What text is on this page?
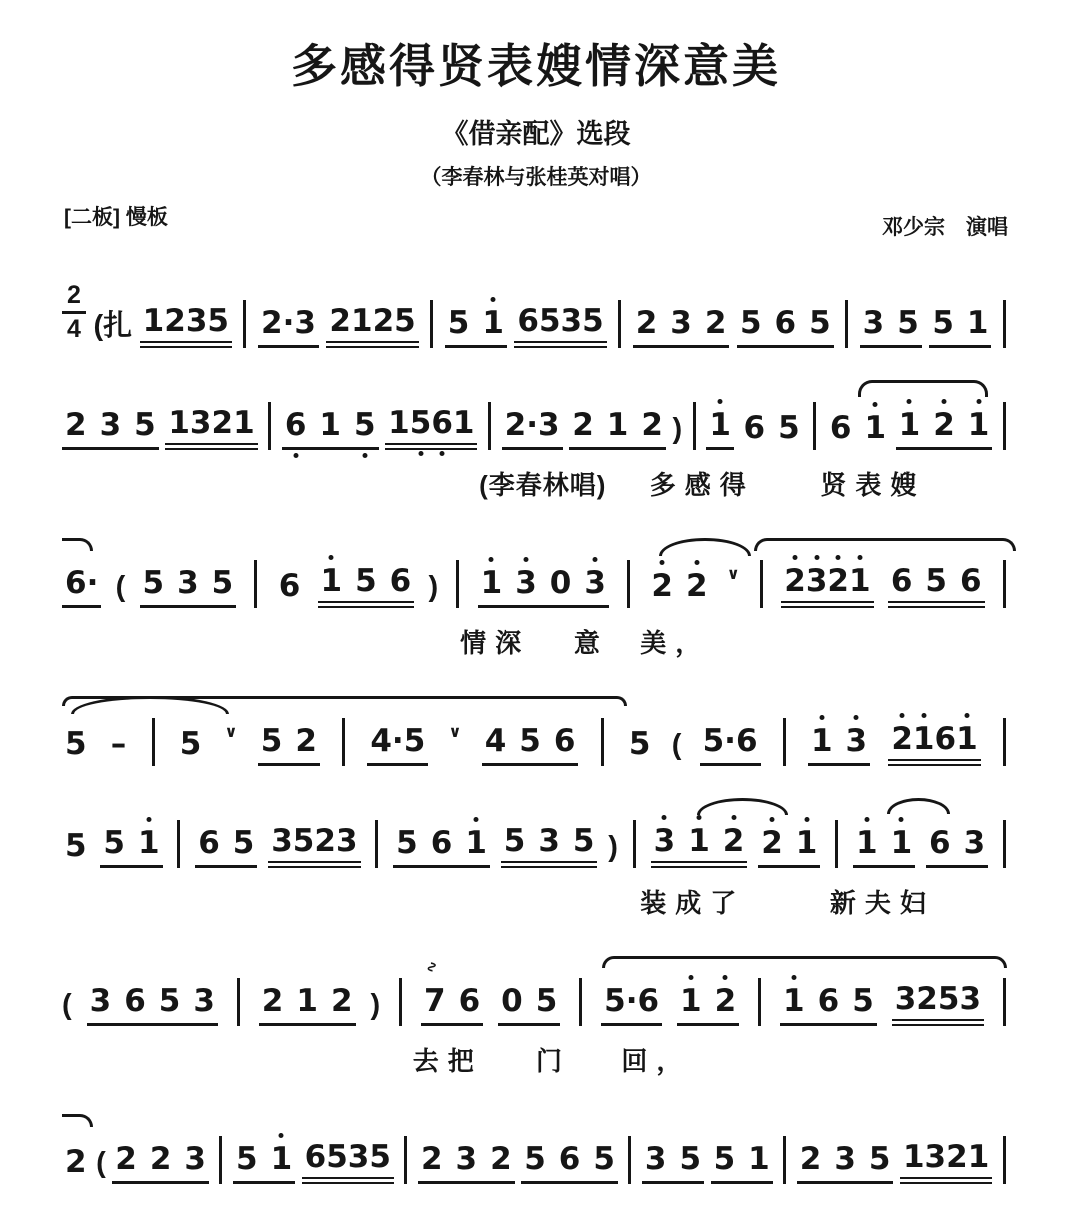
多感得贤表嫂情深意美
《借亲配》选段
（李春林与张桂英对唱）
[二板] 慢板	邓少宗　演唱
2
4 (扎 1235 2·3 2125 5 1 6535 2 3 2 5 6 5 3 5 5 1
2 3 5 1321 6 1 5 15
6
1 2·3 2 1 2 ) 1 6 5 6 1 1 2 1
(李春林唱) 多感得	贤表嫂
6· ( 5 3 5 6 1 5 6 ) 1 3 0 3 2 2 ∨ 2
3
2
1 6 5 6
情深 意 美，
5 – 5 ∨ 5 2 4·5 ∨ 4 5 6 5 ( 5·6 1 3 2
1
61
5 5 1 6 5 3523 5 6 1 5 3 5 ) 3 1 2 2 1 1 1 6 3
装成了	新夫妇
( 3 6 5 3 2 1 2 ) 7 6
∿
0 5 5·6 1 2 1 6 5 3253
去把 门 回，
2 ( 2 2 3 5 1 6535 2 3 2 5 6 5 3 5 5 1 2 3 5 1321
